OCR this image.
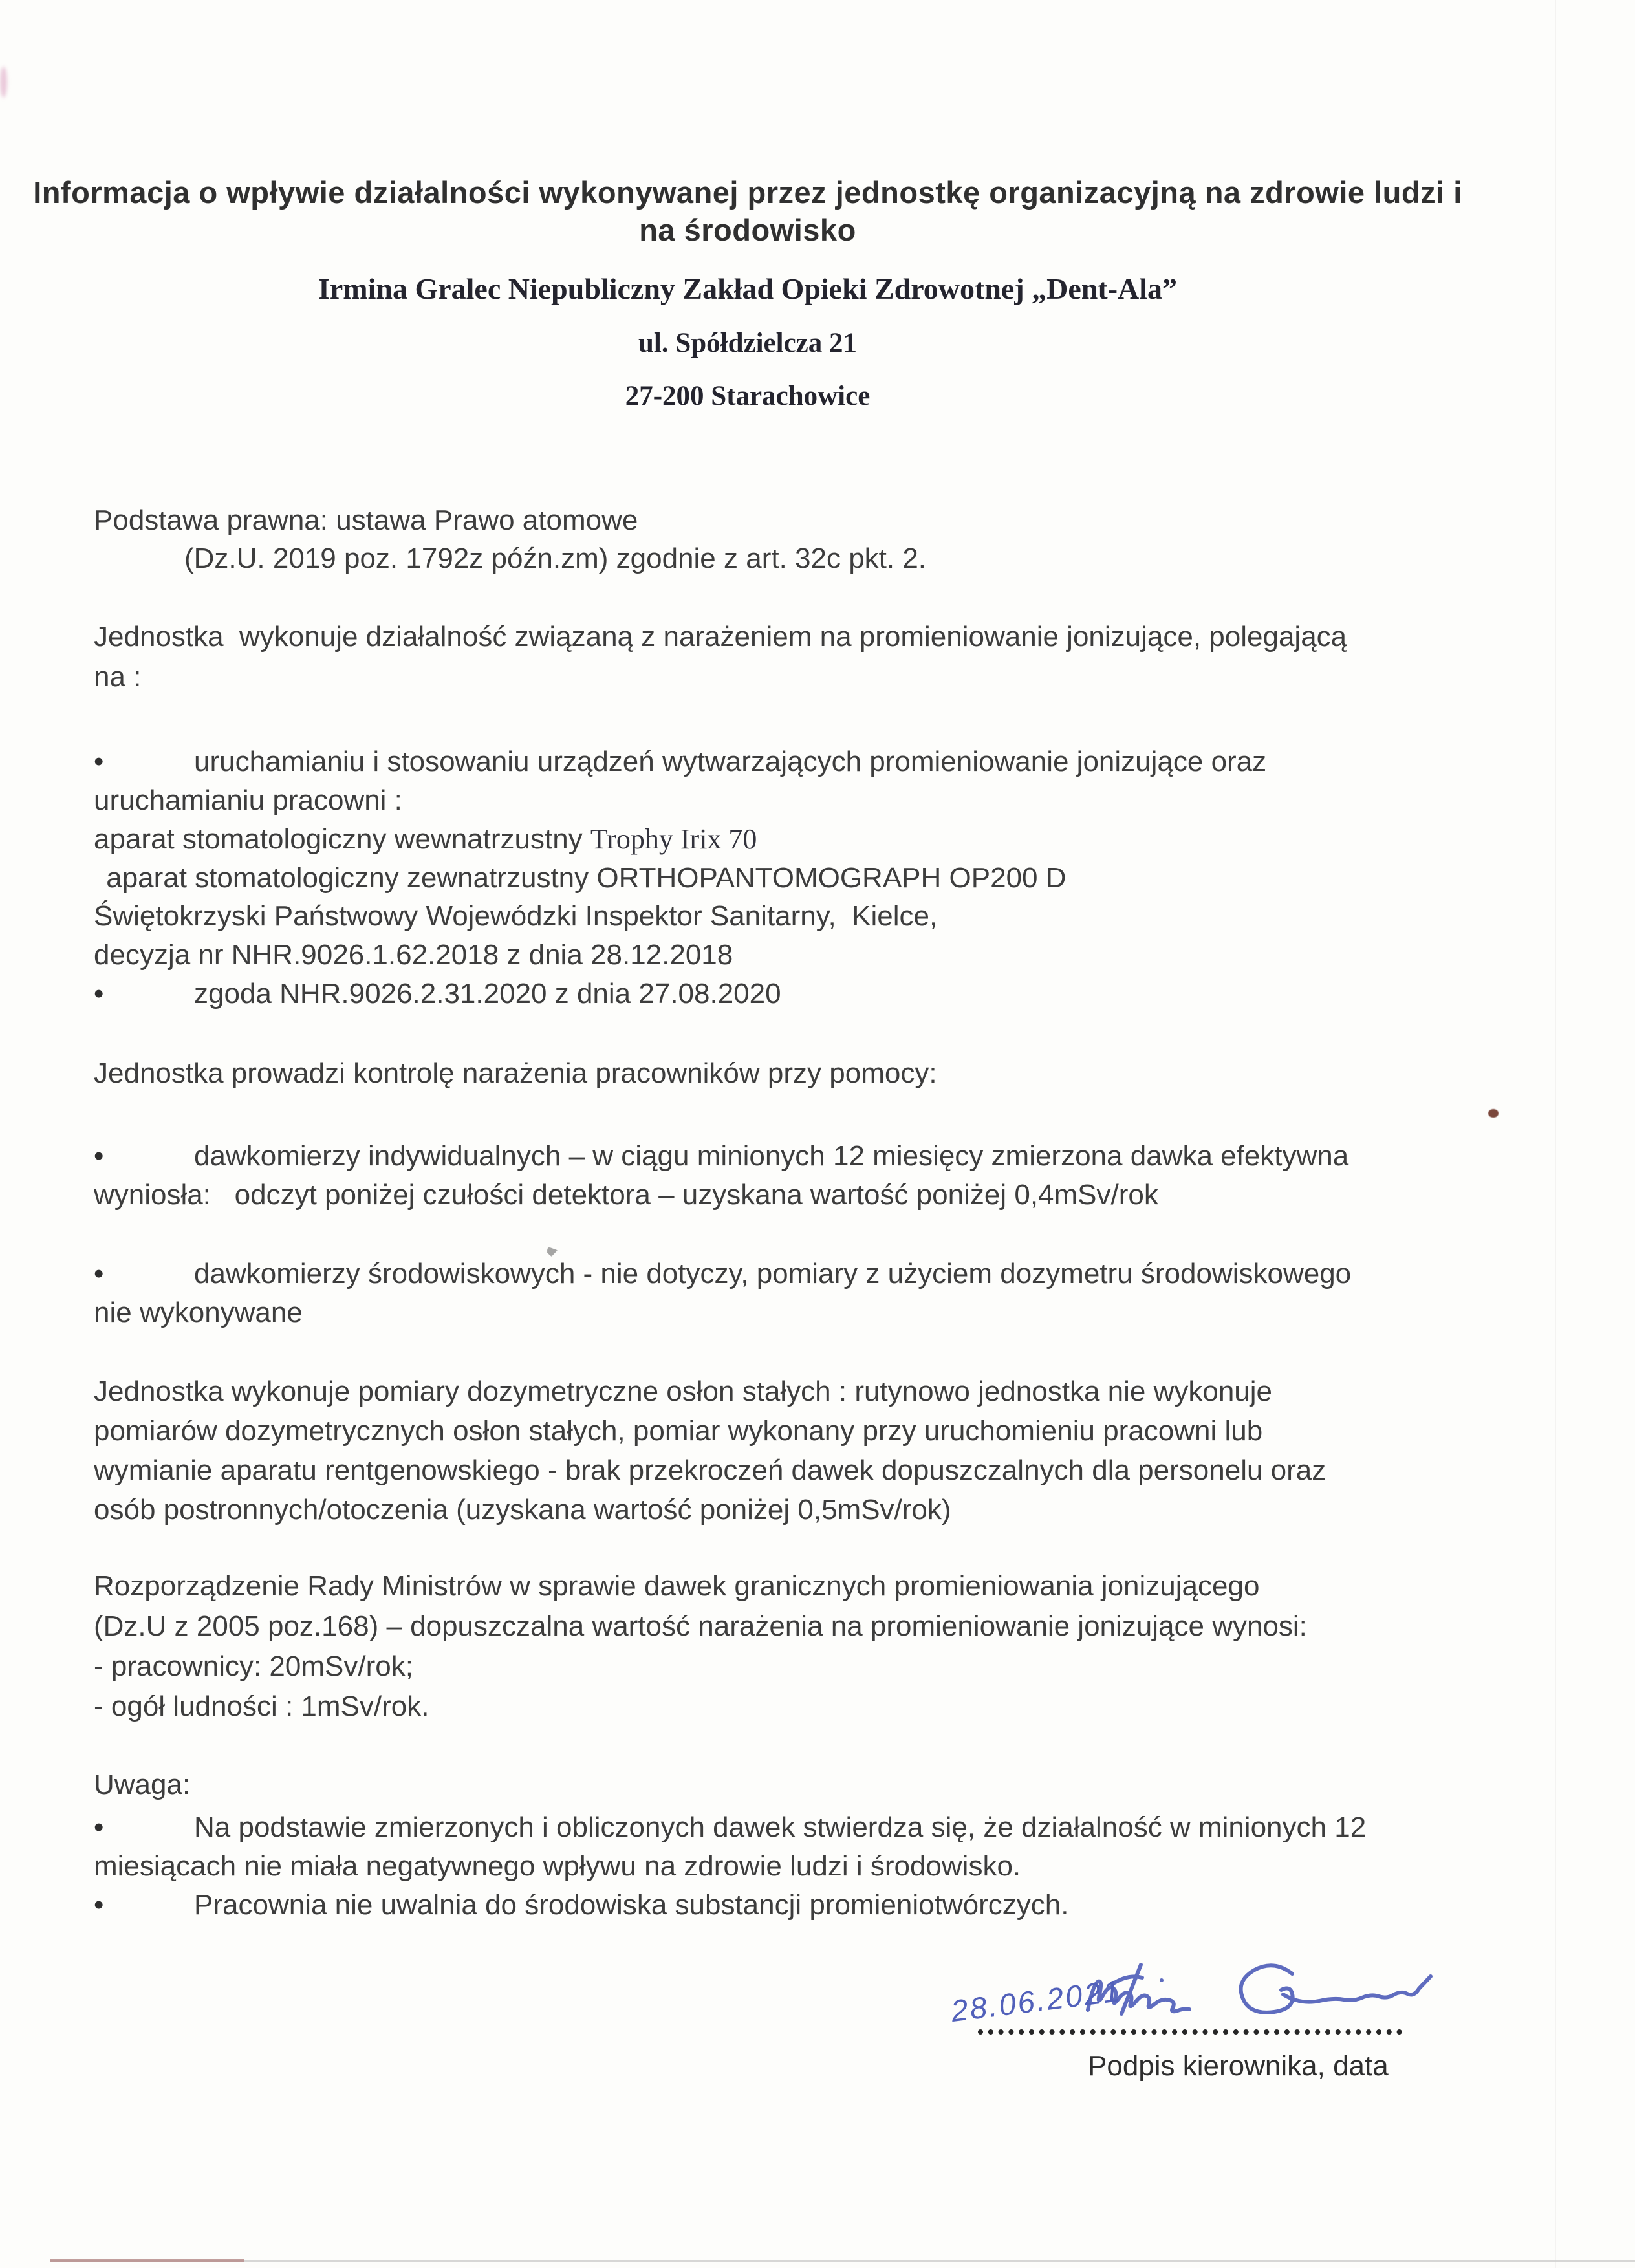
Informacja o wpływie działalności wykonywanej przez jednostkę organizacyjną na zdrowie ludzi i
na środowisko
Irmina Gralec Niepubliczny Zakład Opieki Zdrowotnej „Dent-Ala”
ul. Spółdzielcza 21
27-200 Starachowice
Podstawa prawna: ustawa Prawo atomowe
(Dz.U. 2019 poz. 1792z późn.zm) zgodnie z art. 32c pkt. 2.
Jednostka  wykonuje działalność związaną z narażeniem na promieniowanie jonizujące, polegającą
na :
•	uruchamianiu i stosowaniu urządzeń wytwarzających promieniowanie jonizujące oraz
uruchamianiu pracowni :
aparat stomatologiczny wewnatrzustny Trophy Irix 70
aparat stomatologiczny zewnatrzustny ORTHOPANTOMOGRAPH OP200 D
Świętokrzyski Państwowy Wojewódzki Inspektor Sanitarny,  Kielce,
decyzja nr NHR.9026.1.62.2018 z dnia 28.12.2018
•	zgoda NHR.9026.2.31.2020 z dnia 27.08.2020
Jednostka prowadzi kontrolę narażenia pracowników przy pomocy:
•	dawkomierzy indywidualnych – w ciągu minionych 12 miesięcy zmierzona dawka efektywna
wyniosła:   odczyt poniżej czułości detektora – uzyskana wartość poniżej 0,4mSv/rok
•	dawkomierzy środowiskowych - nie dotyczy, pomiary z użyciem dozymetru środowiskowego
nie wykonywane
Jednostka wykonuje pomiary dozymetryczne osłon stałych : rutynowo jednostka nie wykonuje
pomiarów dozymetrycznych osłon stałych, pomiar wykonany przy uruchomieniu pracowni lub
wymianie aparatu rentgenowskiego - brak przekroczeń dawek dopuszczalnych dla personelu oraz
osób postronnych/otoczenia (uzyskana wartość poniżej 0,5mSv/rok)
Rozporządzenie Rady Ministrów w sprawie dawek granicznych promieniowania jonizującego
(Dz.U z 2005 poz.168) – dopuszczalna wartość narażenia na promieniowanie jonizujące wynosi:
- pracownicy: 20mSv/rok;
- ogół ludności : 1mSv/rok.
Uwaga:
•	Na podstawie zmierzonych i obliczonych dawek stwierdza się, że działalność w minionych 12
miesiącach nie miała negatywnego wpływu na zdrowie ludzi i środowisko.
•	Pracownia nie uwalnia do środowiska substancji promieniotwórczych.
28.06.2021
Podpis kierownika, data
